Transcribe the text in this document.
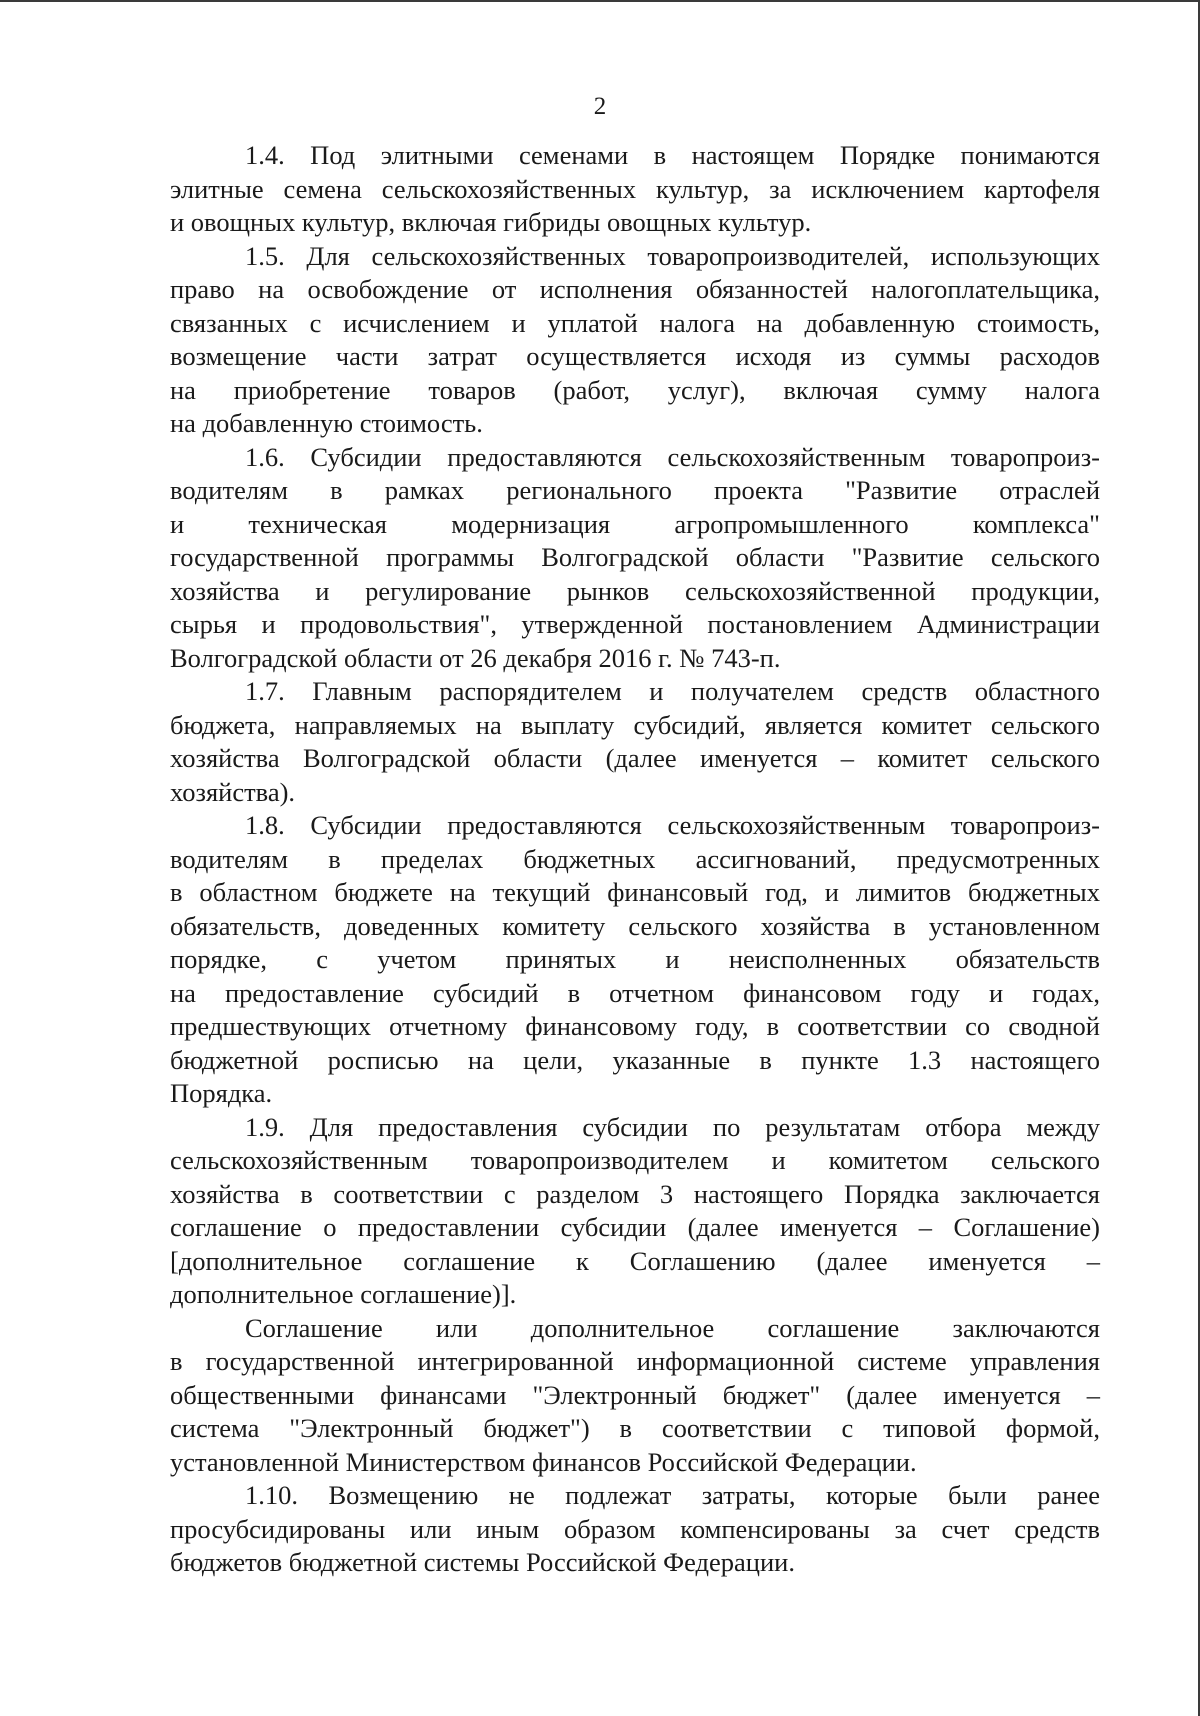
2
1.4. Под элитными семенами в настоящем Порядке понимаются
элитные семена сельскохозяйственных культур, за исключением картофеля
и овощных культур, включая гибриды овощных культур.
1.5. Для сельскохозяйственных товаропроизводителей, использующих
право на освобождение от исполнения обязанностей налогоплательщика,
связанных с исчислением и уплатой налога на добавленную стоимость,
возмещение части затрат осуществляется исходя из суммы расходов
на приобретение товаров (работ, услуг), включая сумму налога
на добавленную стоимость.
1.6. Субсидии предоставляются сельскохозяйственным товаропроиз-
водителям в рамках регионального проекта "Развитие отраслей
и техническая модернизация агропромышленного комплекса"
государственной программы Волгоградской области "Развитие сельского
хозяйства и регулирование рынков сельскохозяйственной продукции,
сырья и продовольствия", утвержденной постановлением Администрации
Волгоградской области от 26 декабря 2016 г. № 743-п.
1.7. Главным распорядителем и получателем средств областного
бюджета, направляемых на выплату субсидий, является комитет сельского
хозяйства Волгоградской области (далее именуется – комитет сельского
хозяйства).
1.8. Субсидии предоставляются сельскохозяйственным товаропроиз-
водителям в пределах бюджетных ассигнований, предусмотренных
в областном бюджете на текущий финансовый год, и лимитов бюджетных
обязательств, доведенных комитету сельского хозяйства в установленном
порядке, с учетом принятых и неисполненных обязательств
на предоставление субсидий в отчетном финансовом году и годах,
предшествующих отчетному финансовому году, в соответствии со сводной
бюджетной росписью на цели, указанные в пункте 1.3 настоящего
Порядка.
1.9. Для предоставления субсидии по результатам отбора между
сельскохозяйственным товаропроизводителем и комитетом сельского
хозяйства в соответствии с разделом 3 настоящего Порядка заключается
соглашение о предоставлении субсидии (далее именуется – Соглашение)
[дополнительное соглашение к Соглашению (далее именуется –
дополнительное соглашение)].
Соглашение или дополнительное соглашение заключаются
в государственной интегрированной информационной системе управления
общественными финансами "Электронный бюджет" (далее именуется –
система "Электронный бюджет") в соответствии с типовой формой,
установленной Министерством финансов Российской Федерации.
1.10. Возмещению не подлежат затраты, которые были ранее
просубсидированы или иным образом компенсированы за счет средств
бюджетов бюджетной системы Российской Федерации.
